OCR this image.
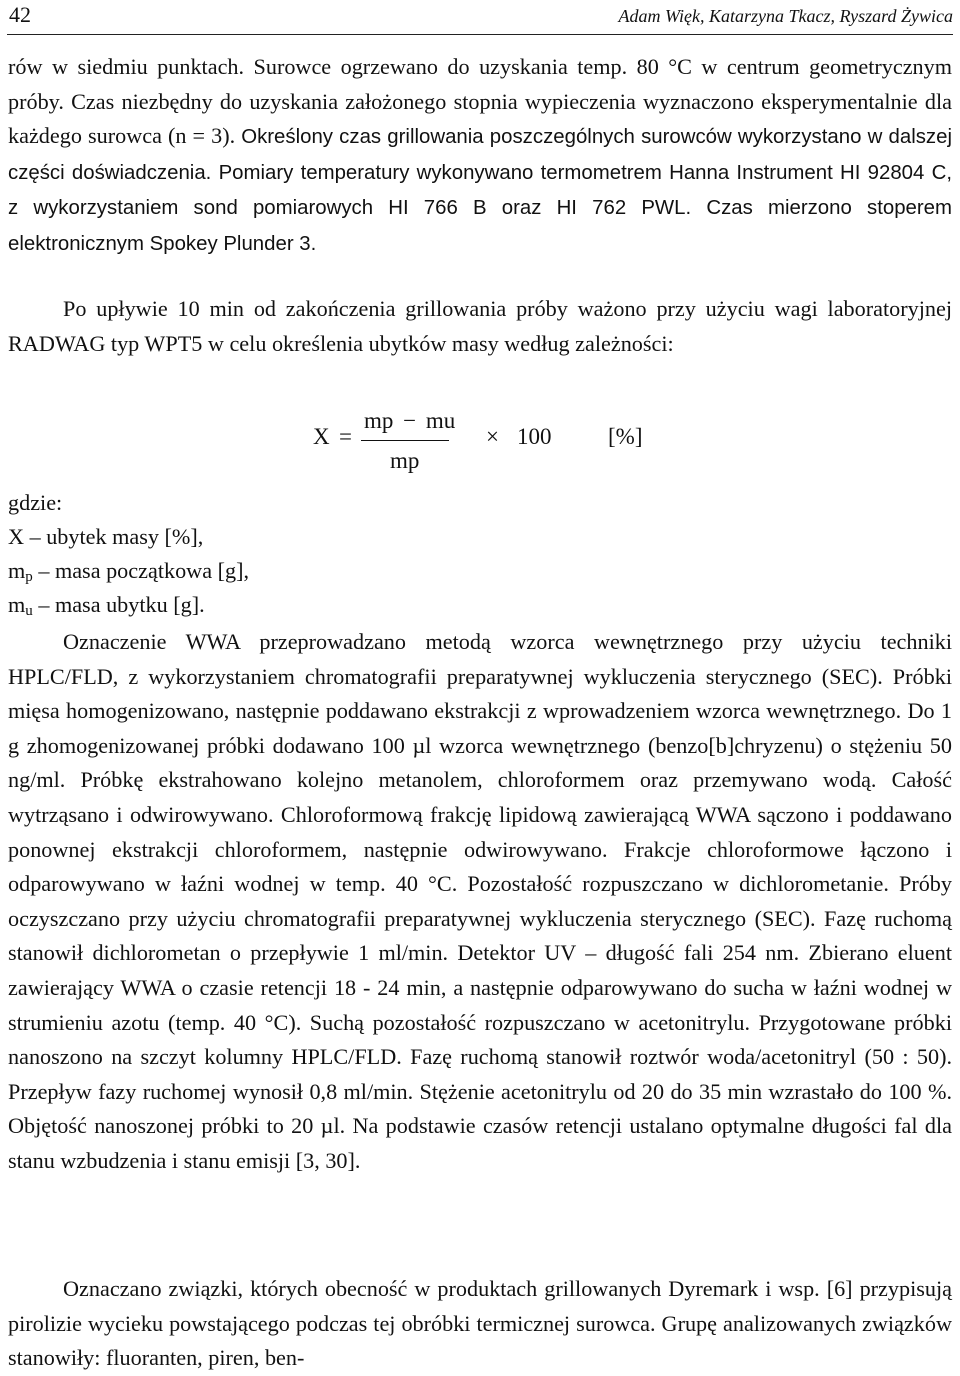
42	Adam Więk, Katarzyna Tkacz, Ryszard Żywica
rów w siedmiu punktach. Surowce ogrzewano do uzyskania temp. 80 °C w centrum geometrycznym próby. Czas niezbędny do uzyskania założonego stopnia wypieczenia wyznaczono eksperymentalnie dla każdego surowca (n = 3). Określony czas grillowania poszczególnych surowców wykorzystano w dalszej części doświadczenia. Pomiary temperatury wykonywano termometrem Hanna Instrument HI 92804 C, z wykorzystaniem sond pomiarowych HI 766 B oraz HI 762 PWL. Czas mierzono stoperem elektronicznym Spokey Plunder 3.
Po upływie 10 min od zakończenia grillowania próby ważono przy użyciu wagi laboratoryjnej RADWAG typ WPT5 w celu określenia ubytków masy według zależności:
X =
mp − mu
mp
× 100 [%]
gdzie:
X – ubytek masy [%],
$m_p$ – masa początkowa [g],
$m_u$ – masa ubytku [g].
Oznaczenie WWA przeprowadzano metodą wzorca wewnętrznego przy użyciu techniki HPLC/FLD, z wykorzystaniem chromatografii preparatywnej wykluczenia sterycznego (SEC). Próbki mięsa homogenizowano, następnie poddawano ekstrakcji z wprowadzeniem wzorca wewnętrznego. Do 1 g zhomogenizowanej próbki dodawano 100 µl wzorca wewnętrznego (benzo[b]chryzenu) o stężeniu 50 ng/ml. Próbkę ekstrahowano kolejno metanolem, chloroformem oraz przemywano wodą. Całość wytrząsano i odwirowywano. Chloroformową frakcję lipidową zawierającą WWA sączono i poddawano ponownej ekstrakcji chloroformem, następnie odwirowywano. Frakcje chloroformowe łączono i odparowywano w łaźni wodnej w temp. 40 °C. Pozostałość rozpuszczano w dichlorometanie. Próby oczyszczano przy użyciu chromatografii preparatywnej wykluczenia sterycznego (SEC). Fazę ruchomą stanowił dichlorometan o przepływie 1 ml/min. Detektor UV – długość fali 254 nm. Zbierano eluent zawierający WWA o czasie retencji 18 - 24 min, a następnie odparowywano do sucha w łaźni wodnej w strumieniu azotu (temp. 40 °C). Suchą pozostałość rozpuszczano w acetonitrylu. Przygotowane próbki nanoszono na szczyt kolumny HPLC/FLD. Fazę ruchomą stanowił roztwór woda/acetonitryl (50 : 50). Przepływ fazy ruchomej wynosił 0,8 ml/min. Stężenie acetonitrylu od 20 do 35 min wzrastało do 100 %. Objętość nanoszonej próbki to 20 µl. Na podstawie czasów retencji ustalano optymalne długości fal dla stanu wzbudzenia i stanu emisji [3, 30].
Oznaczano związki, których obecność w produktach grillowanych Dyremark i wsp. [6] przypisują pirolizie wycieku powstającego podczas tej obróbki termicznej surowca. Grupę analizowanych związków stanowiły: fluoranten, piren, ben-
